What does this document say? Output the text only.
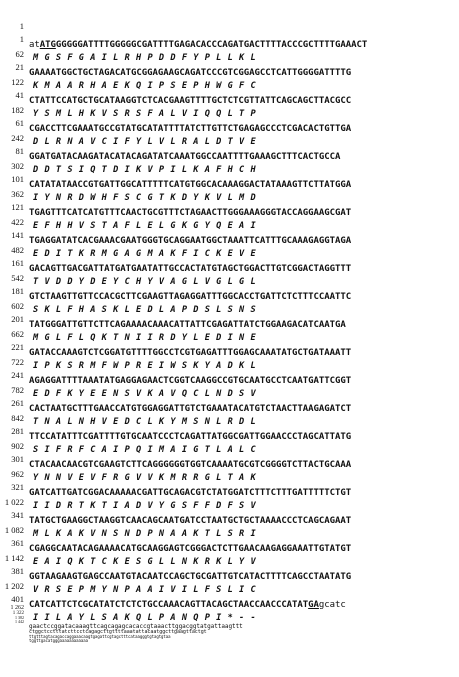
1

atATGGGGGGATTTTGGGGGCGATTTTGAGACACCCAGATGACTTTTACCCGCTTTTGAAACT

1

M G S F G A I L R H P D D F Y P L L K L

62

GAAAATGGCTGCTAGACATGCGGAGAAGCAGATCCCGTCGGAGCCTCATTGGGGATTTTG

21

K M A A R H A E K Q I P S E P H W G F C

122

CTATTCCATGCTGCATAAGGTCTCACGAAGTTTTGCTCTCGTTATTCAGCAGCTTACGCC

41

Y S M L H K V S R S F A L V I Q Q L T P

182

CGACCTTCGAAATGCCGTATGCATATTTTATCTTGTTCTGAGAGCCCTCGACACTGTTGA

61

D L R N A V C I F Y L V L R A L D T V E

242

GGATGATACAAGATACATACAGATATCAAATGGCCAATTTTGAAAGCTTTCACTGCCA

81

D D T S I Q T D I K V P I L K A F H C H

302

CATATATAACCGTGATTGGCATTTTTCATGTGGCACAAAGGACTATAAAGTTCTTATGGA

101

I Y N R D W H F S C G T K D Y K V L M D

362

TGAGTTTCATCATGTTTCAACTGCGTTTCTAGAACTTGGGAAAGGGTACCAGGAAGCGAT

121

E F H H V S T A F L E L G K G Y Q E A I

422

TGAGGATATCACGAAACGAATGGGTGCAGGAATGGCTAAATTCATTTGCAAAGAGGTAGA

141

E D I T K R M G A G M A K F I C K E V E

482

GACAGTTGACGATTATGATGAATATTGCCACTATGTAGCTGGACTTGTCGGACTAGGTTT

161

T V D D Y D E Y C H Y V A G L V G L G L

542

GTCTAAGTTGTTCCACGCTTCGAAGTTAGAGGATTTGGCACCTGATTCTCTTTCCAATTC

181

S K L F H A S K L E D L A P D S L S N S

602

TATGGGATTGTTCTTCAGAAAACAAACATTATTCGAGATTATCTGGAAGACATCAATGA

201

M G L F L Q K T N I I R D Y L E D I N E

662

GATACCAAAGTCTCGGATGTTTTGGCCTCGTGAGATTTGGAGCAAATATGCTGATAAATT

221

I P K S R M F W P R E I W S K Y A D K L

722

AGAGGATTTTAAATATGAGGAGAACTCGGTCAAGGCCGTGCAATGCCTCAATGATTCGGT

241

E D F K Y E E N S V K A V Q C L N D S V

782

CACTAATGCTTTGAACCATGTGGAGGATTGTCTGAAATACATGTCTAACTTAAGAGATCT

261

T N A L N H V E D C L K Y M S N L R D L

842

TTCCATATTTCGATTTTGTGCAATCCCTCAGATTATGGCGATTGGAACCCTAGCATTATG

281

S I F R F C A I P Q I M A I G T L A L C

902

CTACAACAACGTCGAAGTCTTCAGGGGGGTGGTCAAAATGCGTCGGGGTCTTACTGCAAA

301

Y N N V E V F R G V V K M R R G L T A K

962

GATCATTGATCGGACAAAAACGATTGCAGACGTCTATGGATCTTTCTTTGATTTTTCTGT

321

I I D R T K T I A D V Y G S F F D F S V

1 022

TATGCTGAAGGCTAAGGTCAACAGCAATGATCCTAATGCTGCTAAAACCCTCAGCAGAAT

341

M L K A K V N S N D P N A A K T L S R I

1 082

CGAGGCAATACAGAAAACATGCAAGGAGTCGGGACTCTTGAACAAGAGGAAATTGTATGT

361

E A I Q K T C K E S G L L N K R K L Y V

1 142

GGTAAGAAGTGAGCCAATGTACAATCCAGCTGCGATTGTCATACTTTTCAGCCTAATATG

381

V R S E P M Y N P A A I V I L F S L I C

1 202

CATCATTCTCGCATATCTCTCTGCCAAACAGTTACAGCTAACCAACCCATATGAgcatc

401

I I L A Y L S A K Q L P A N Q P I * - -

1 262

gaactccggatacaaagttcagcagagcacaccgtaaacttggacggtatgattaagttt

1 322

ctggctcctttatcttcctcagagcttgttttaaatattacaatggcttgaagttactgt

1 382

ttgtttagtacagaccaggaaacaagtgagattcgtagctttcataagggtgtagtgtaa

1 442

tggttgacatgggaaaaaaaaaaaa
